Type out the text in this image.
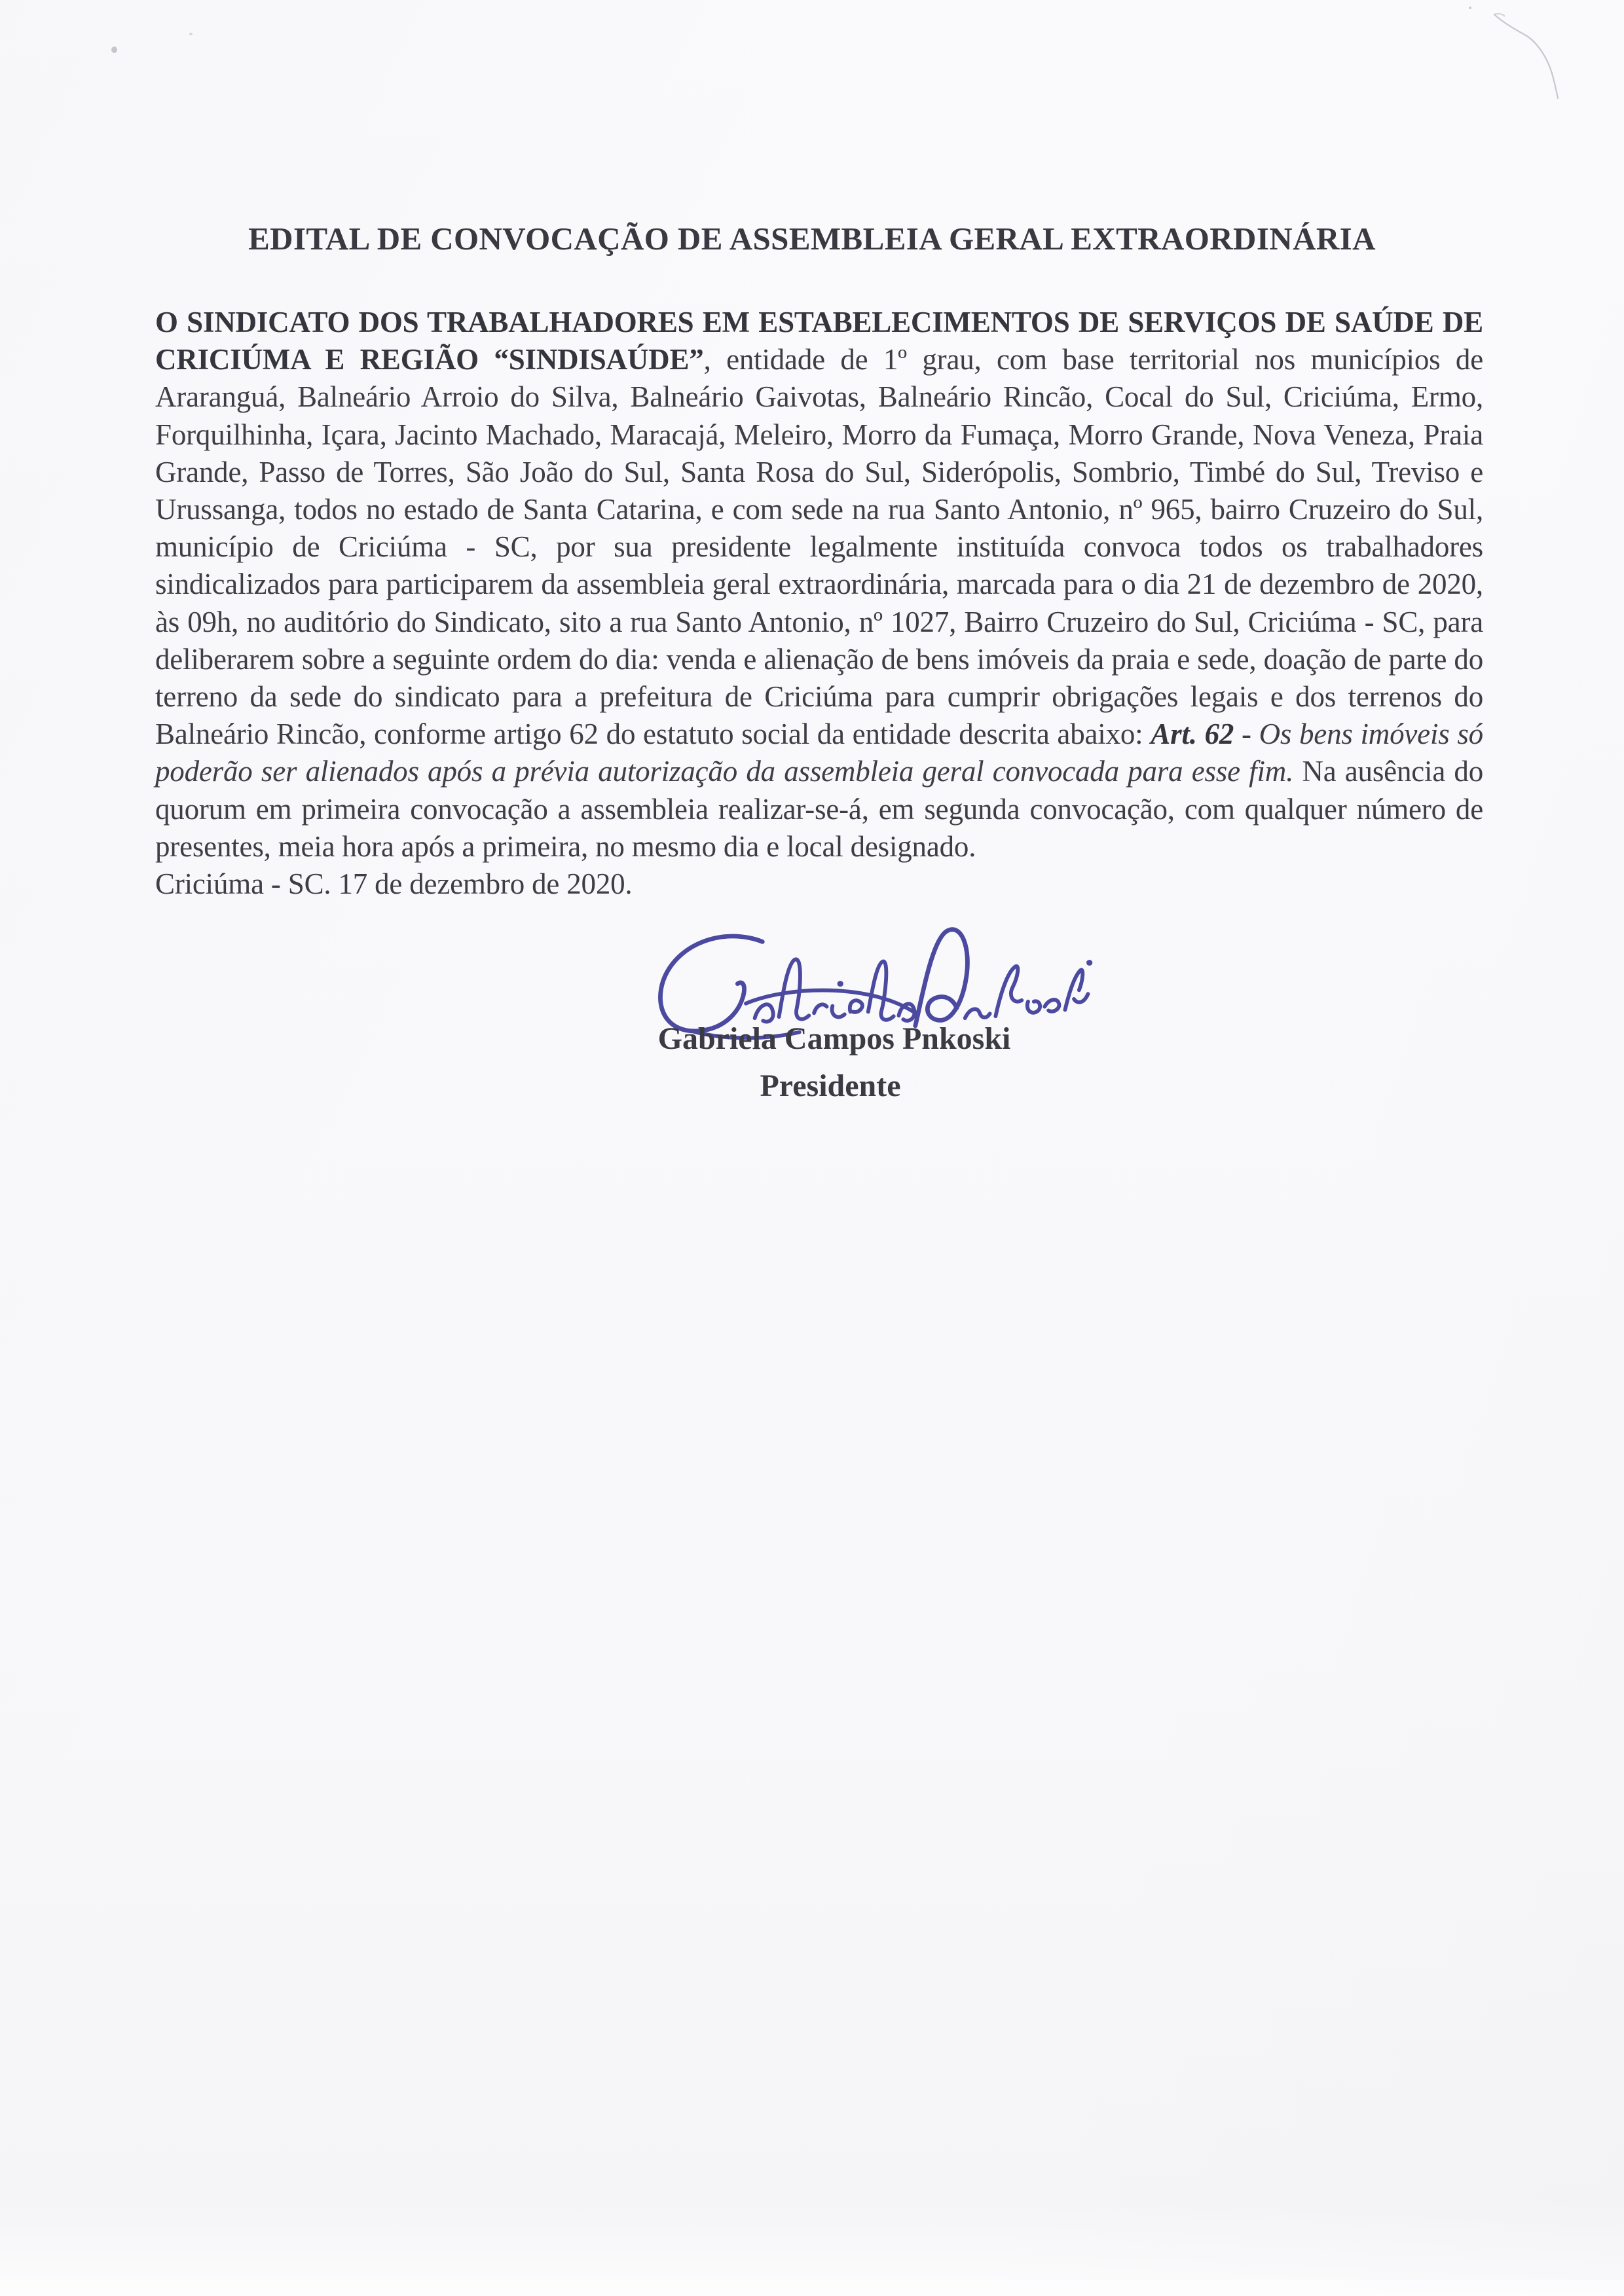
EDITAL DE CONVOCAÇÃO DE ASSEMBLEIA GERAL EXTRAORDINÁRIA
O SINDICATO DOS TRABALHADORES EM ESTABELECIMENTOS DE SERVIÇOS DE SAÚDE DE CRICIÚMA E REGIÃO “SINDISAÚDE”, entidade de 1º grau, com base territorial nos municípios de Araranguá, Balneário Arroio do Silva, Balneário Gaivotas, Balneário Rincão, Cocal do Sul, Criciúma, Ermo, Forquilhinha, Içara, Jacinto Machado, Maracajá, Meleiro, Morro da Fumaça, Morro Grande, Nova Veneza, Praia Grande, Passo de Torres, São João do Sul, Santa Rosa do Sul, Siderópolis, Sombrio, Timbé do Sul, Treviso e Urussanga, todos no estado de Santa Catarina, e com sede na rua Santo Antonio, nº 965, bairro Cruzeiro do Sul, município de Criciúma - SC, por sua presidente legalmente instituída convoca todos os trabalhadores sindicalizados para participarem da assembleia geral extraordinária, marcada para o dia 21 de dezembro de 2020, às 09h, no auditório do Sindicato, sito a rua Santo Antonio, nº 1027, Bairro Cruzeiro do Sul, Criciúma - SC, para deliberarem sobre a seguinte ordem do dia: venda e alienação de bens imóveis da praia e sede, doação de parte do terreno da sede do sindicato para a prefeitura de Criciúma para cumprir obrigações legais e dos terrenos do Balneário Rincão, conforme artigo 62 do estatuto social da entidade descrita abaixo: Art. 62 - Os bens imóveis só poderão ser alienados após a prévia autorização da assembleia geral convocada para esse fim. Na ausência do quorum em primeira convocação a assembleia realizar-se-á, em segunda convocação, com qualquer número de presentes, meia hora após a primeira, no mesmo dia e local designado.
Criciúma - SC. 17 de dezembro de 2020.
Gabriela Campos Pnkoski
Presidente
